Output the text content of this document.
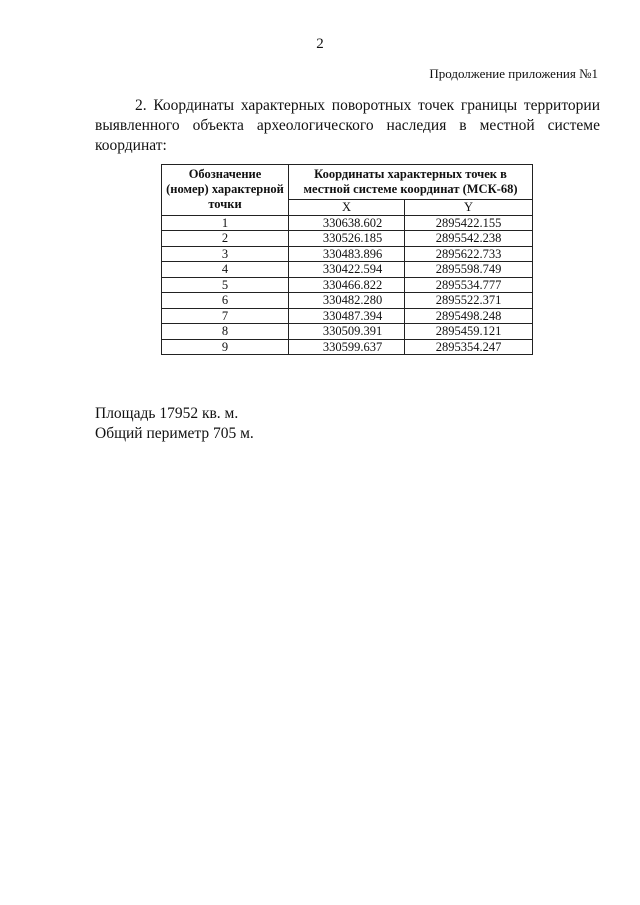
2
Продолжение приложения №1

2. Координаты характерных поворотных точек границы территории выявленного объекта археологического наследия в местной системе координат:

Обозначение (номер) характерной точки	Координаты характерных точек в местной системе координат (МСК-68)	
	X	Y
1	330638.602	2895422.155
2	330526.185	2895542.238
3	330483.896	2895622.733
4	330422.594	2895598.749
5	330466.822	2895534.777
6	330482.280	2895522.371
7	330487.394	2895498.248
8	330509.391	2895459.121
9	330599.637	2895354.247
Площадь 17952 кв. м.
Общий периметр 705 м.
